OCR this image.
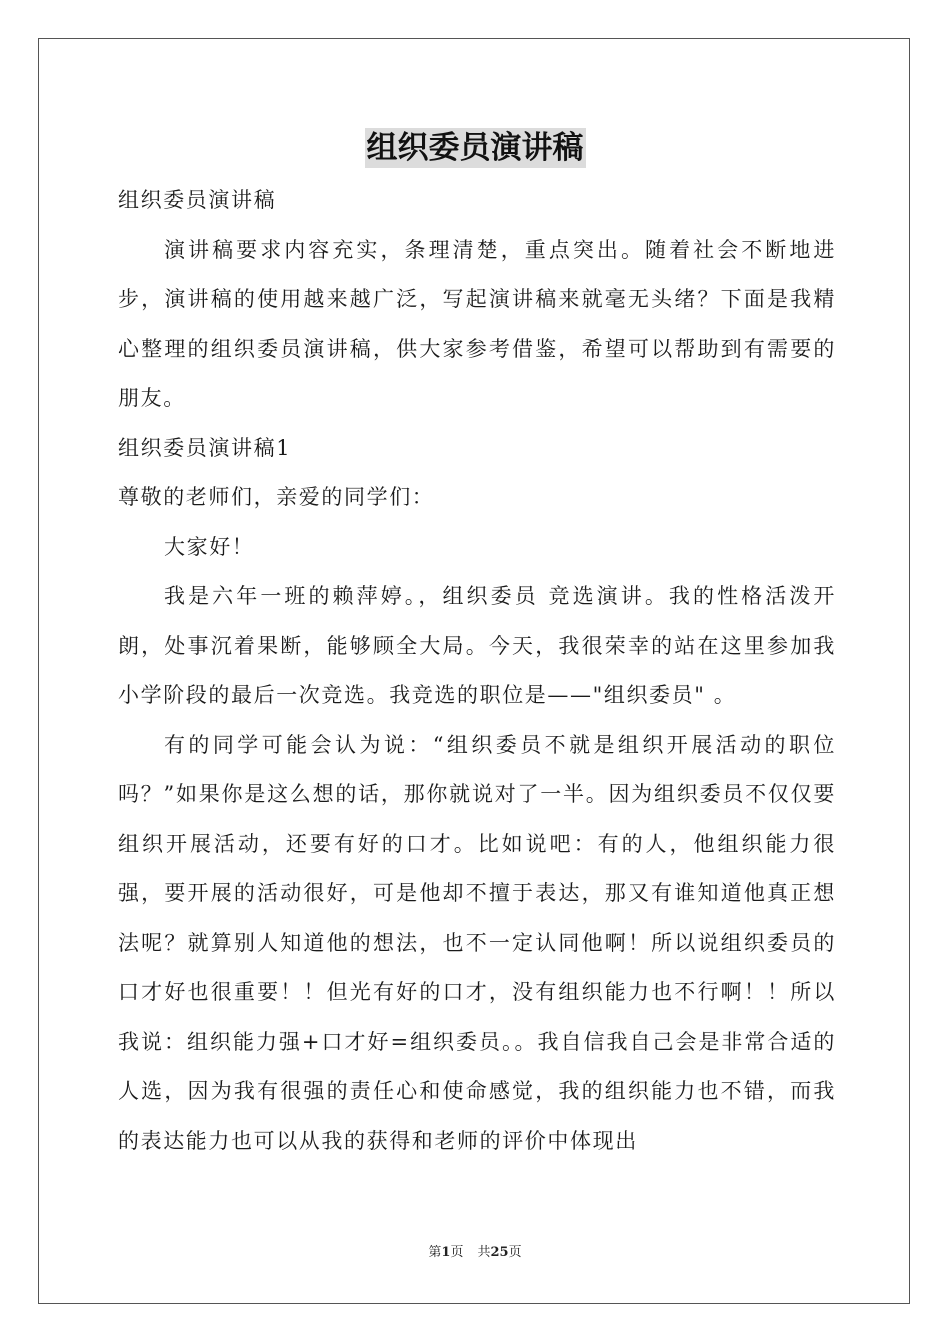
组织委员演讲稿

组织委员演讲稿

演讲稿要求内容充实，条理清楚，重点突出。随着社会不断地进步，演讲稿的使用越来越广泛，写起演讲稿来就毫无头绪？下面是我精心整理的组织委员演讲稿，供大家参考借鉴，希望可以帮助到有需要的朋友。

组织委员演讲稿1

尊敬的老师们，亲爱的同学们：

大家好！

我是六年一班的赖萍婷。，组织委员 竞选演讲。我的性格活泼开朗，处事沉着果断，能够顾全大局。今天，我很荣幸的站在这里参加我小学阶段的最后一次竞选。我竞选的职位是——"组织委员" 。

有的同学可能会认为说：“组织委员不就是组织开展活动的职位吗？”如果你是这么想的话，那你就说对了一半。因为组织委员不仅仅要组织开展活动，还要有好的口才。比如说吧：有的人，他组织能力很强，要开展的活动很好，可是他却不擅于表达，那又有谁知道他真正想法呢？就算别人知道他的想法，也不一定认同他啊！所以说组织委员的口才好也很重要！！但光有好的口才，没有组织能力也不行啊！！所以我说：组织能力强+口才好=组织委员。。我自信我自己会是非常合适的人选，因为我有很强的责任心和使命感觉，我的组织能力也不错，而我的表达能力也可以从我的获得和老师的评价中体现出

第1页 共25页
